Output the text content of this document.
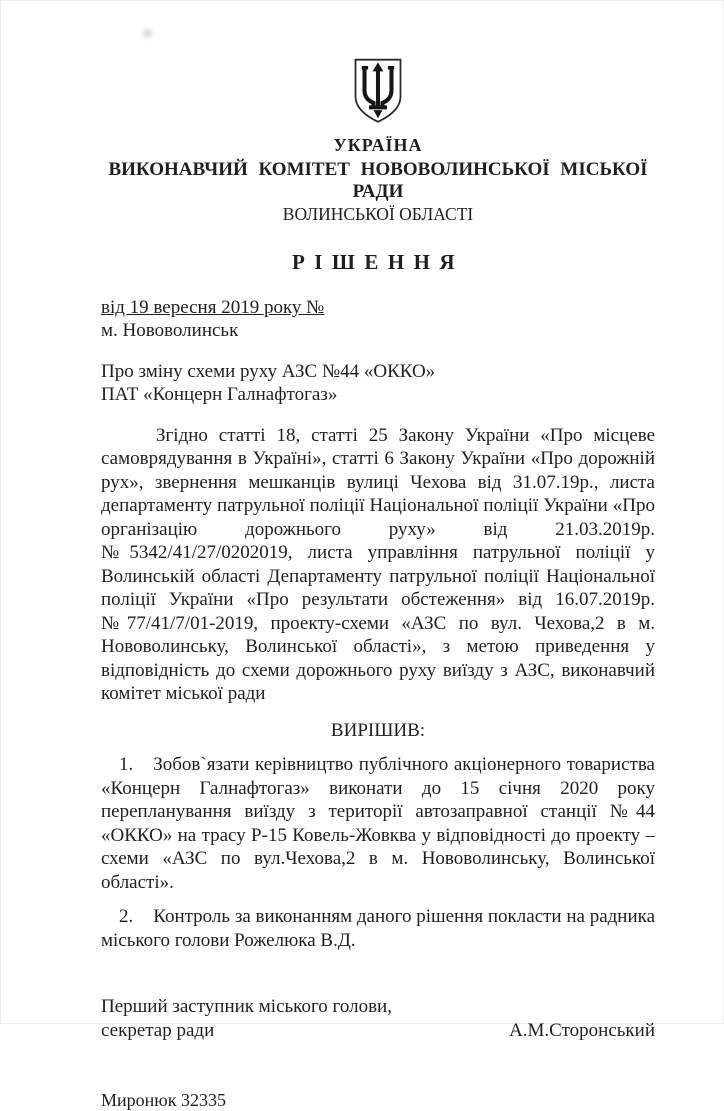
УКРАЇНА
ВИКОНАВЧИЙ КОМІТЕТ НОВОВОЛИНСЬКОЇ МІСЬКОЇ РАДИ
ВОЛИНСЬКОЇ ОБЛАСТІ
РІШЕННЯ

від 19 вересня 2019 року №

м. Нововолинськ

Про зміну схеми руху АЗС №44 «ОККО»

ПАТ «Концерн Галнафтогаз»

Згідно статті 18, статті 25 Закону України «Про місцеве самоврядування в Україні», статті 6 Закону України «Про дорожній рух», звернення мешканців вулиці Чехова від 31.07.19р., листа департаменту патрульної поліції Національної поліції України «Про організацію дорожнього руху» від 21.03.2019р. №5342/41/27/0202019, листа управління патрульної поліції у Волинській області Департаменту патрульної поліції Національної поліції України «Про результати обстеження» від 16.07.2019р. №77/41/7/01-2019, проекту-схеми «АЗС по вул. Чехова,2 в м. Нововолинську, Волинської області», з метою приведення у відповідність до схеми дорожнього руху виїзду з АЗС, виконавчий комітет міської ради

ВИРІШИВ:

1. Зобов`язати керівництво публічного акціонерного товариства «Концерн Галнафтогаз» виконати до 15 січня 2020 року перепланування виїзду з території автозаправної станції №44 «ОККО» на трасу Р-15 Ковель-Жовква у відповідності до проекту – схеми «АЗС по вул.Чехова,2 в м. Нововолинську, Волинської області».

2. Контроль за виконанням даного рішення покласти на радника міського голови Рожелюка В.Д.

Перший заступник міського голови,

секретар ради	А.М.Сторонський

Миронюк 32335
